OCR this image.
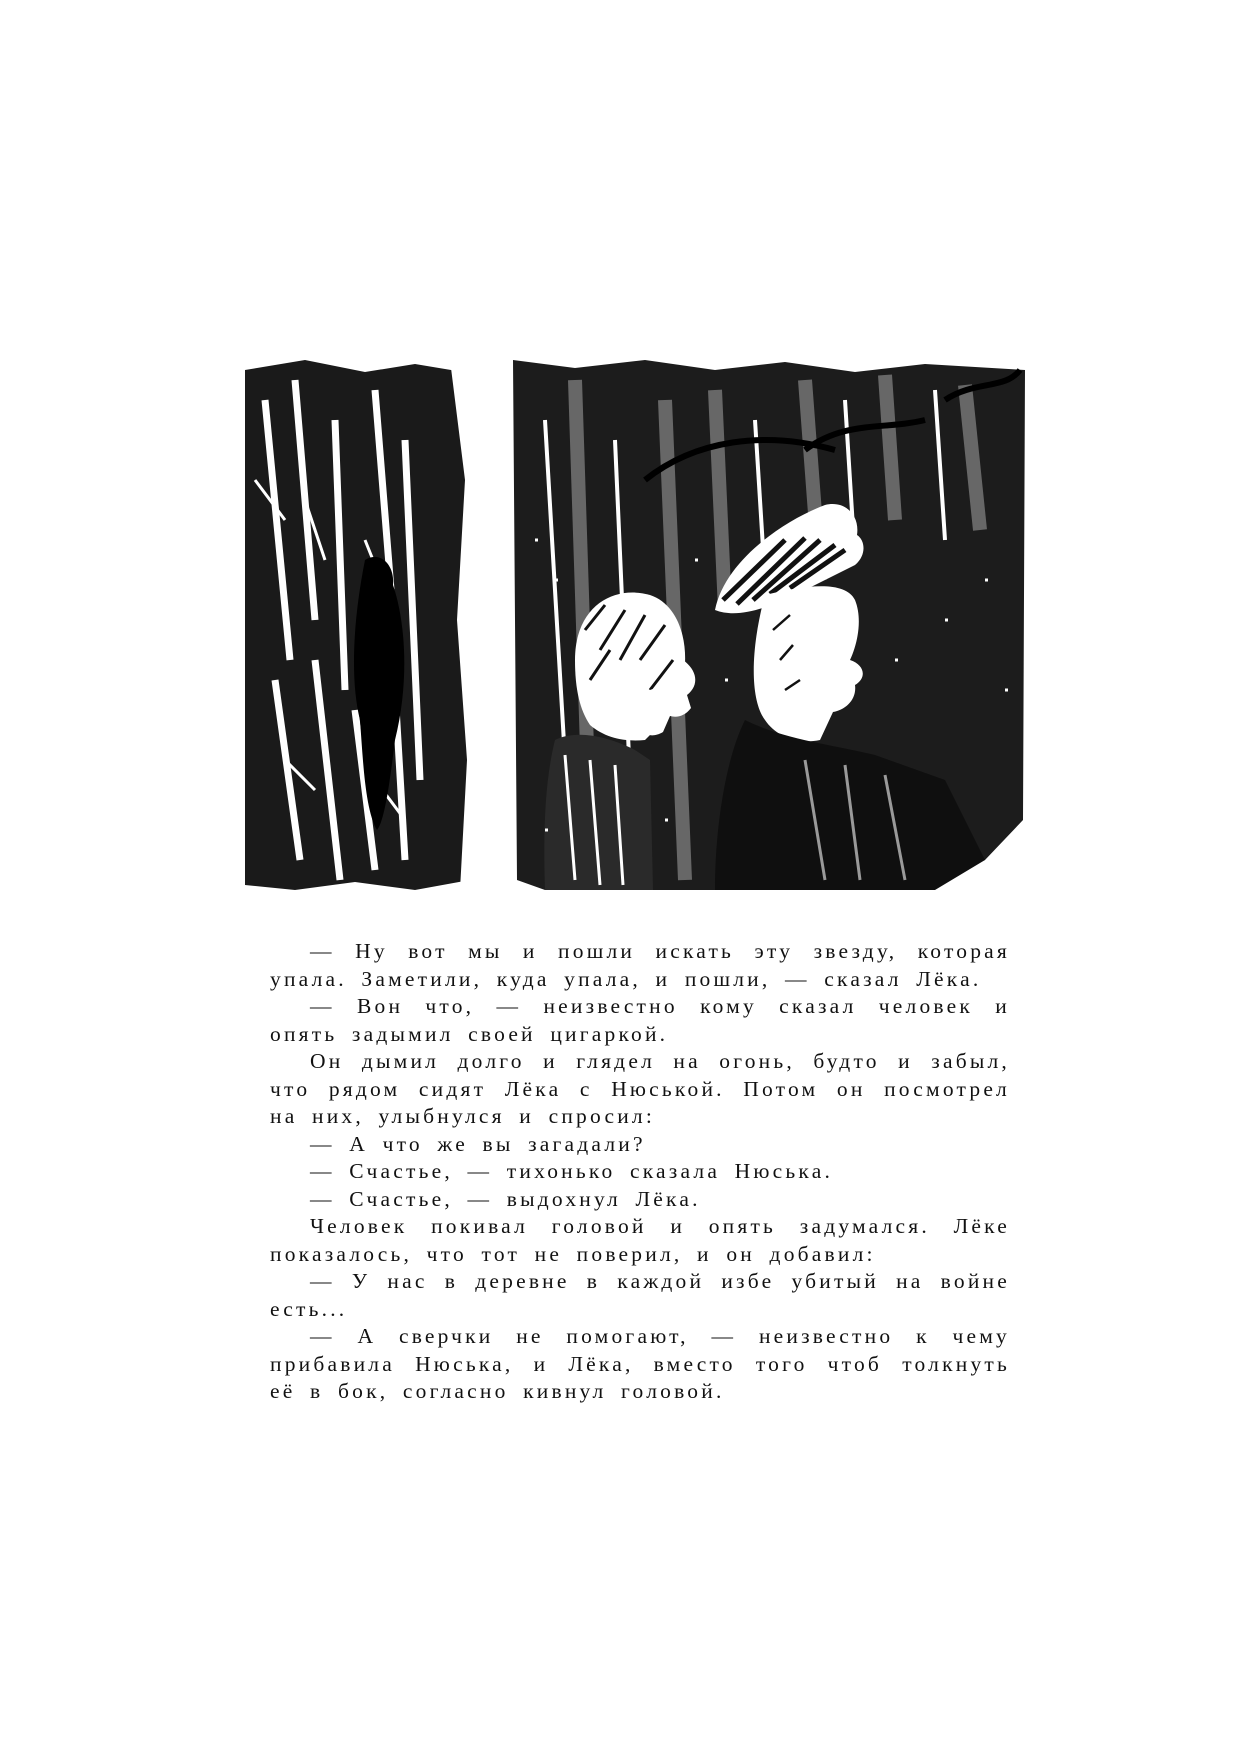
— Ну вот мы и пошли искать эту звезду, которая упала. Заметили, куда упала, и пошли, — сказал Лёка.

— Вон что, — неизвестно кому сказал человек и опять задымил своей цигаркой.

Он дымил долго и глядел на огонь, будто и забыл, что рядом сидят Лёка с Нюськой. Потом он посмотрел на них, улыбнулся и спросил:

— А что же вы загадали?

— Счастье, — тихонько сказала Нюська.

— Счастье, — выдохнул Лёка.

Человек покивал головой и опять задумался. Лёке показалось, что тот не поверил, и он добавил:

— У нас в деревне в каждой избе убитый на войне есть...

— А сверчки не помогают, — неизвестно к чему прибавила Нюська, и Лёка, вместо того чтоб толкнуть её в бок, согласно кивнул головой.
